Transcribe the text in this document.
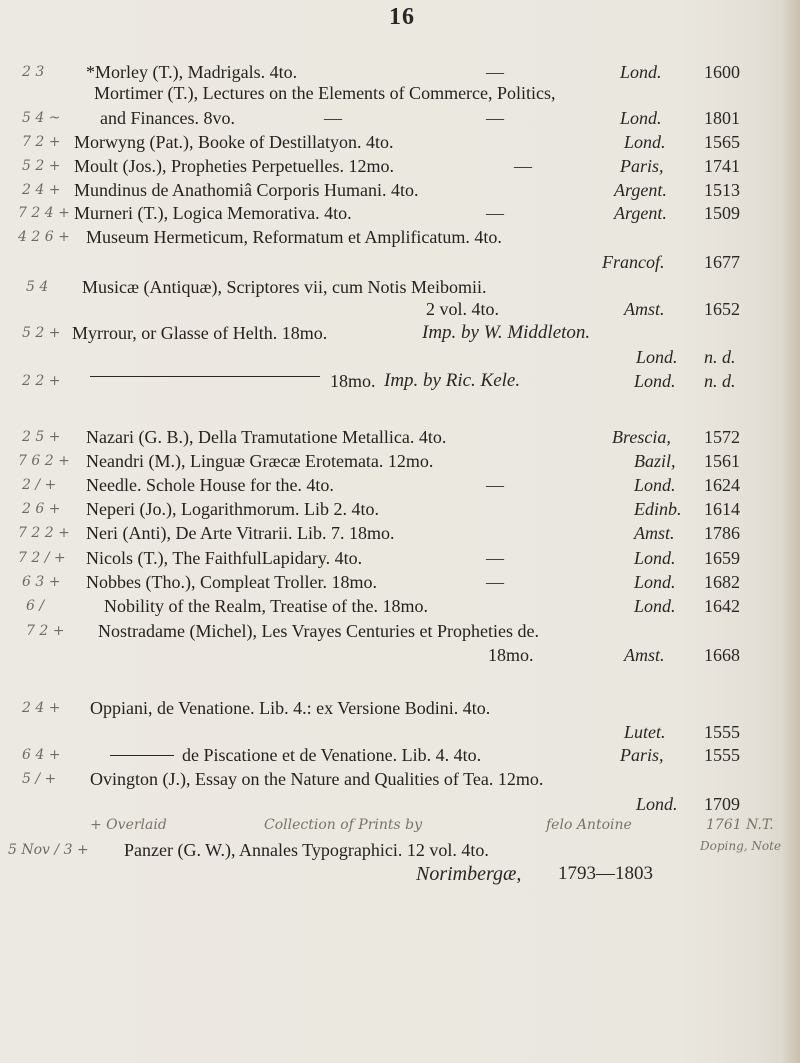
16
2 3 *Morley (T.), Madrigals. 4to.	—	Lond. 1600
Mortimer (T.), Lectures on the Elements of Commerce, Politics,
5 4 ~ and Finances. 8vo.	—	—	Lond. 1801
7 2 + Morwyng (Pat.), Booke of Destillatyon. 4to.	Lond. 1565
5 2 + Moult (Jos.), Propheties Perpetuelles. 12mo.	—	Paris, 1741
2 4 + Mundinus de Anathomiâ Corporis Humani. 4to.	Argent. 1513
7 2 4 + Murneri (T.), Logica Memorativa. 4to.	—	Argent. 1509
4 2 6 + Museum Hermeticum, Reformatum et Amplificatum. 4to.
Francof. 1677
5 4 Musicæ (Antiquæ), Scriptores vii, cum Notis Meibomii.
2 vol. 4to.	Amst. 1652
5 2 + Myrrour, or Glasse of Helth. 18mo.	Imp. by W. Middleton.
Lond. n. d.
2 2 +	18mo. Imp. by Ric. Kele.	Lond. n. d.
2 5 + Nazari (G. B.), Della Tramutatione Metallica. 4to.	Brescia, 1572
7 6 2 + Neandri (M.), Linguæ Græcæ Erotemata. 12mo.	Bazil, 1561
2 / + Needle. Schole House for the. 4to.	—	Lond. 1624
2 6 + Neperi (Jo.), Logarithmorum. Lib 2. 4to.	Edinb. 1614
7 2 2 + Neri (Anti), De Arte Vitrarii. Lib. 7. 18mo.	Amst. 1786
7 2 / + Nicols (T.), The FaithfulLapidary. 4to.	—	Lond. 1659
6 3 + Nobbes (Tho.), Compleat Troller. 18mo.	—	Lond. 1682
6 /	Nobility of the Realm, Treatise of the. 18mo.	Lond. 1642
7 2 + Nostradame (Michel), Les Vrayes Centuries et Propheties de.
18mo.	Amst. 1668
2 4 + Oppiani, de Venatione. Lib. 4.: ex Versione Bodini. 4to.
Lutet. 1555
6 4 +	de Piscatione et de Venatione. Lib. 4. 4to.	Paris, 1555
5 / + Ovington (J.), Essay on the Nature and Qualities of Tea. 12mo.
Lond. 1709
+ Overlaid	Collection of Prints by	felo Antoine	1761 N.T.
Doping, Note
5 Nov / 3 + Panzer (G. W.), Annales Typographici. 12 vol. 4to.
Norimbergæ, 1793—1803
